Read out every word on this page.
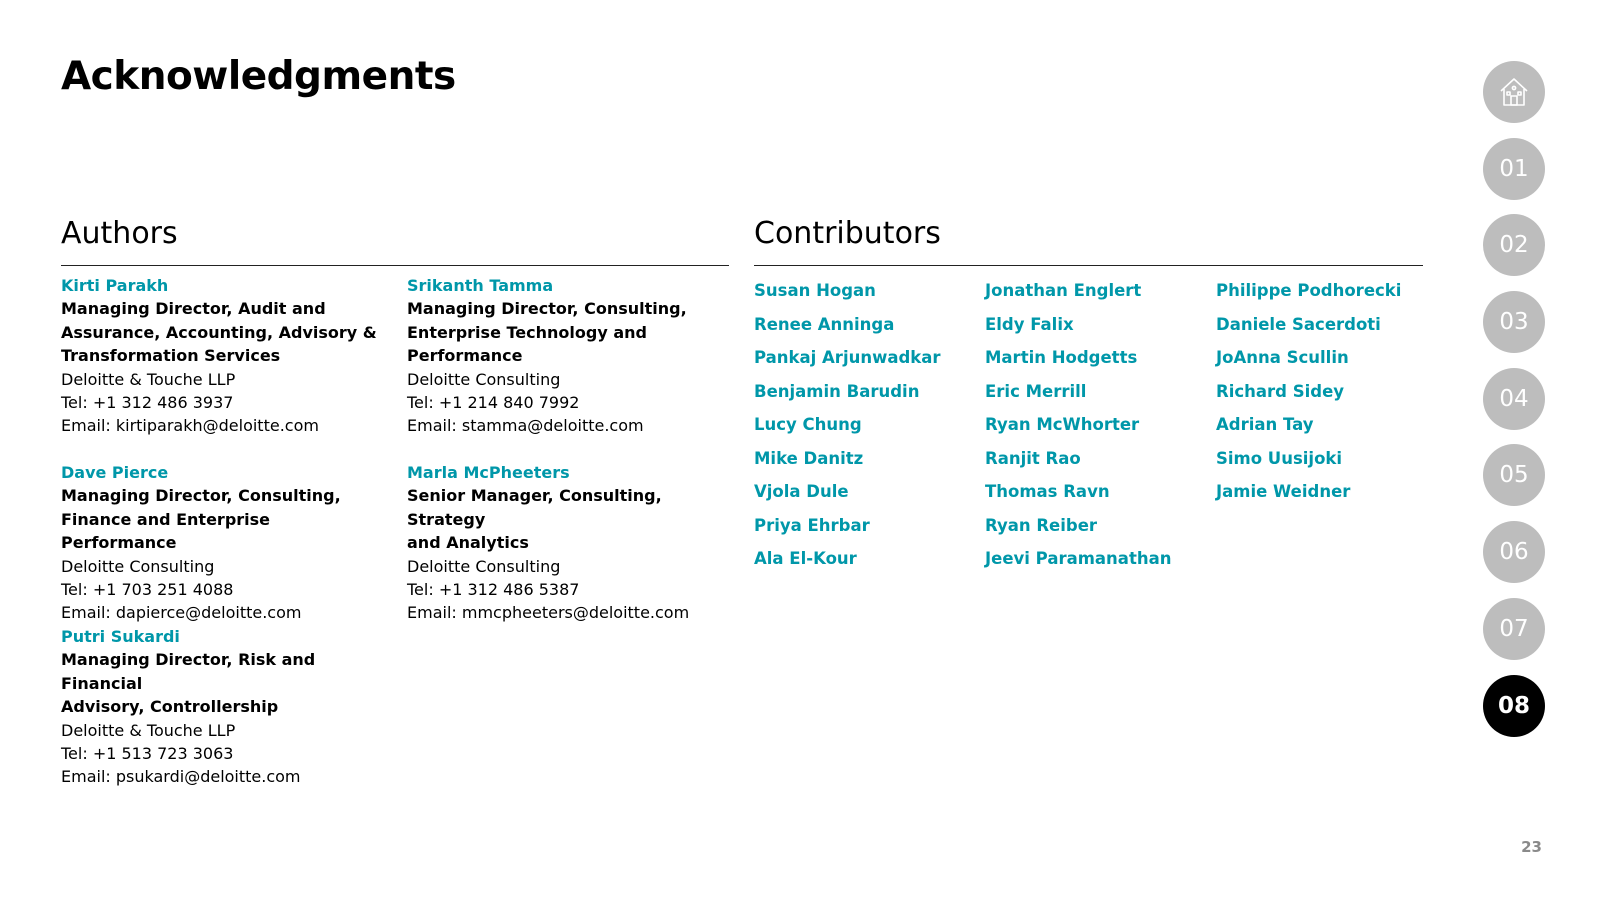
Acknowledgments
Authors	Contributors
Kirti Parakh
Managing Director, Audit and
Assurance, Accounting, Advisory &
Transformation Services
Deloitte & Touche LLP
Tel: +1 312 486 3937
Email: kirtiparakh@deloitte.com
Srikanth Tamma
Managing Director, Consulting,
Enterprise Technology and
Performance
Deloitte Consulting
Tel: +1 214 840 7992
Email: stamma@deloitte.com
Dave Pierce
Managing Director, Consulting,
Finance and Enterprise Performance
Deloitte Consulting
Tel: +1 703 251 4088
Email: dapierce@deloitte.com
Marla McPheeters
Senior Manager, Consulting, Strategy
and Analytics
Deloitte Consulting
Tel: +1 312 486 5387
Email: mmcpheeters@deloitte.com
Putri Sukardi
Managing Director, Risk and Financial
Advisory, Controllership
Deloitte & Touche LLP
Tel: +1 513 723 3063
Email: psukardi@deloitte.com
Susan Hogan
Renee Anninga
Pankaj Arjunwadkar
Benjamin Barudin
Lucy Chung
Mike Danitz
Vjola Dule
Priya Ehrbar
Ala El-Kour
Jonathan Englert
Eldy Falix
Martin Hodgetts
Eric Merrill
Ryan McWhorter
Ranjit Rao
Thomas Ravn
Ryan Reiber
Jeevi Paramanathan
Philippe Podhorecki
Daniele Sacerdoti
JoAnna Scullin
Richard Sidey
Adrian Tay
Simo Uusijoki
Jamie Weidner
01
02
03
04
05
06
07
08
23
